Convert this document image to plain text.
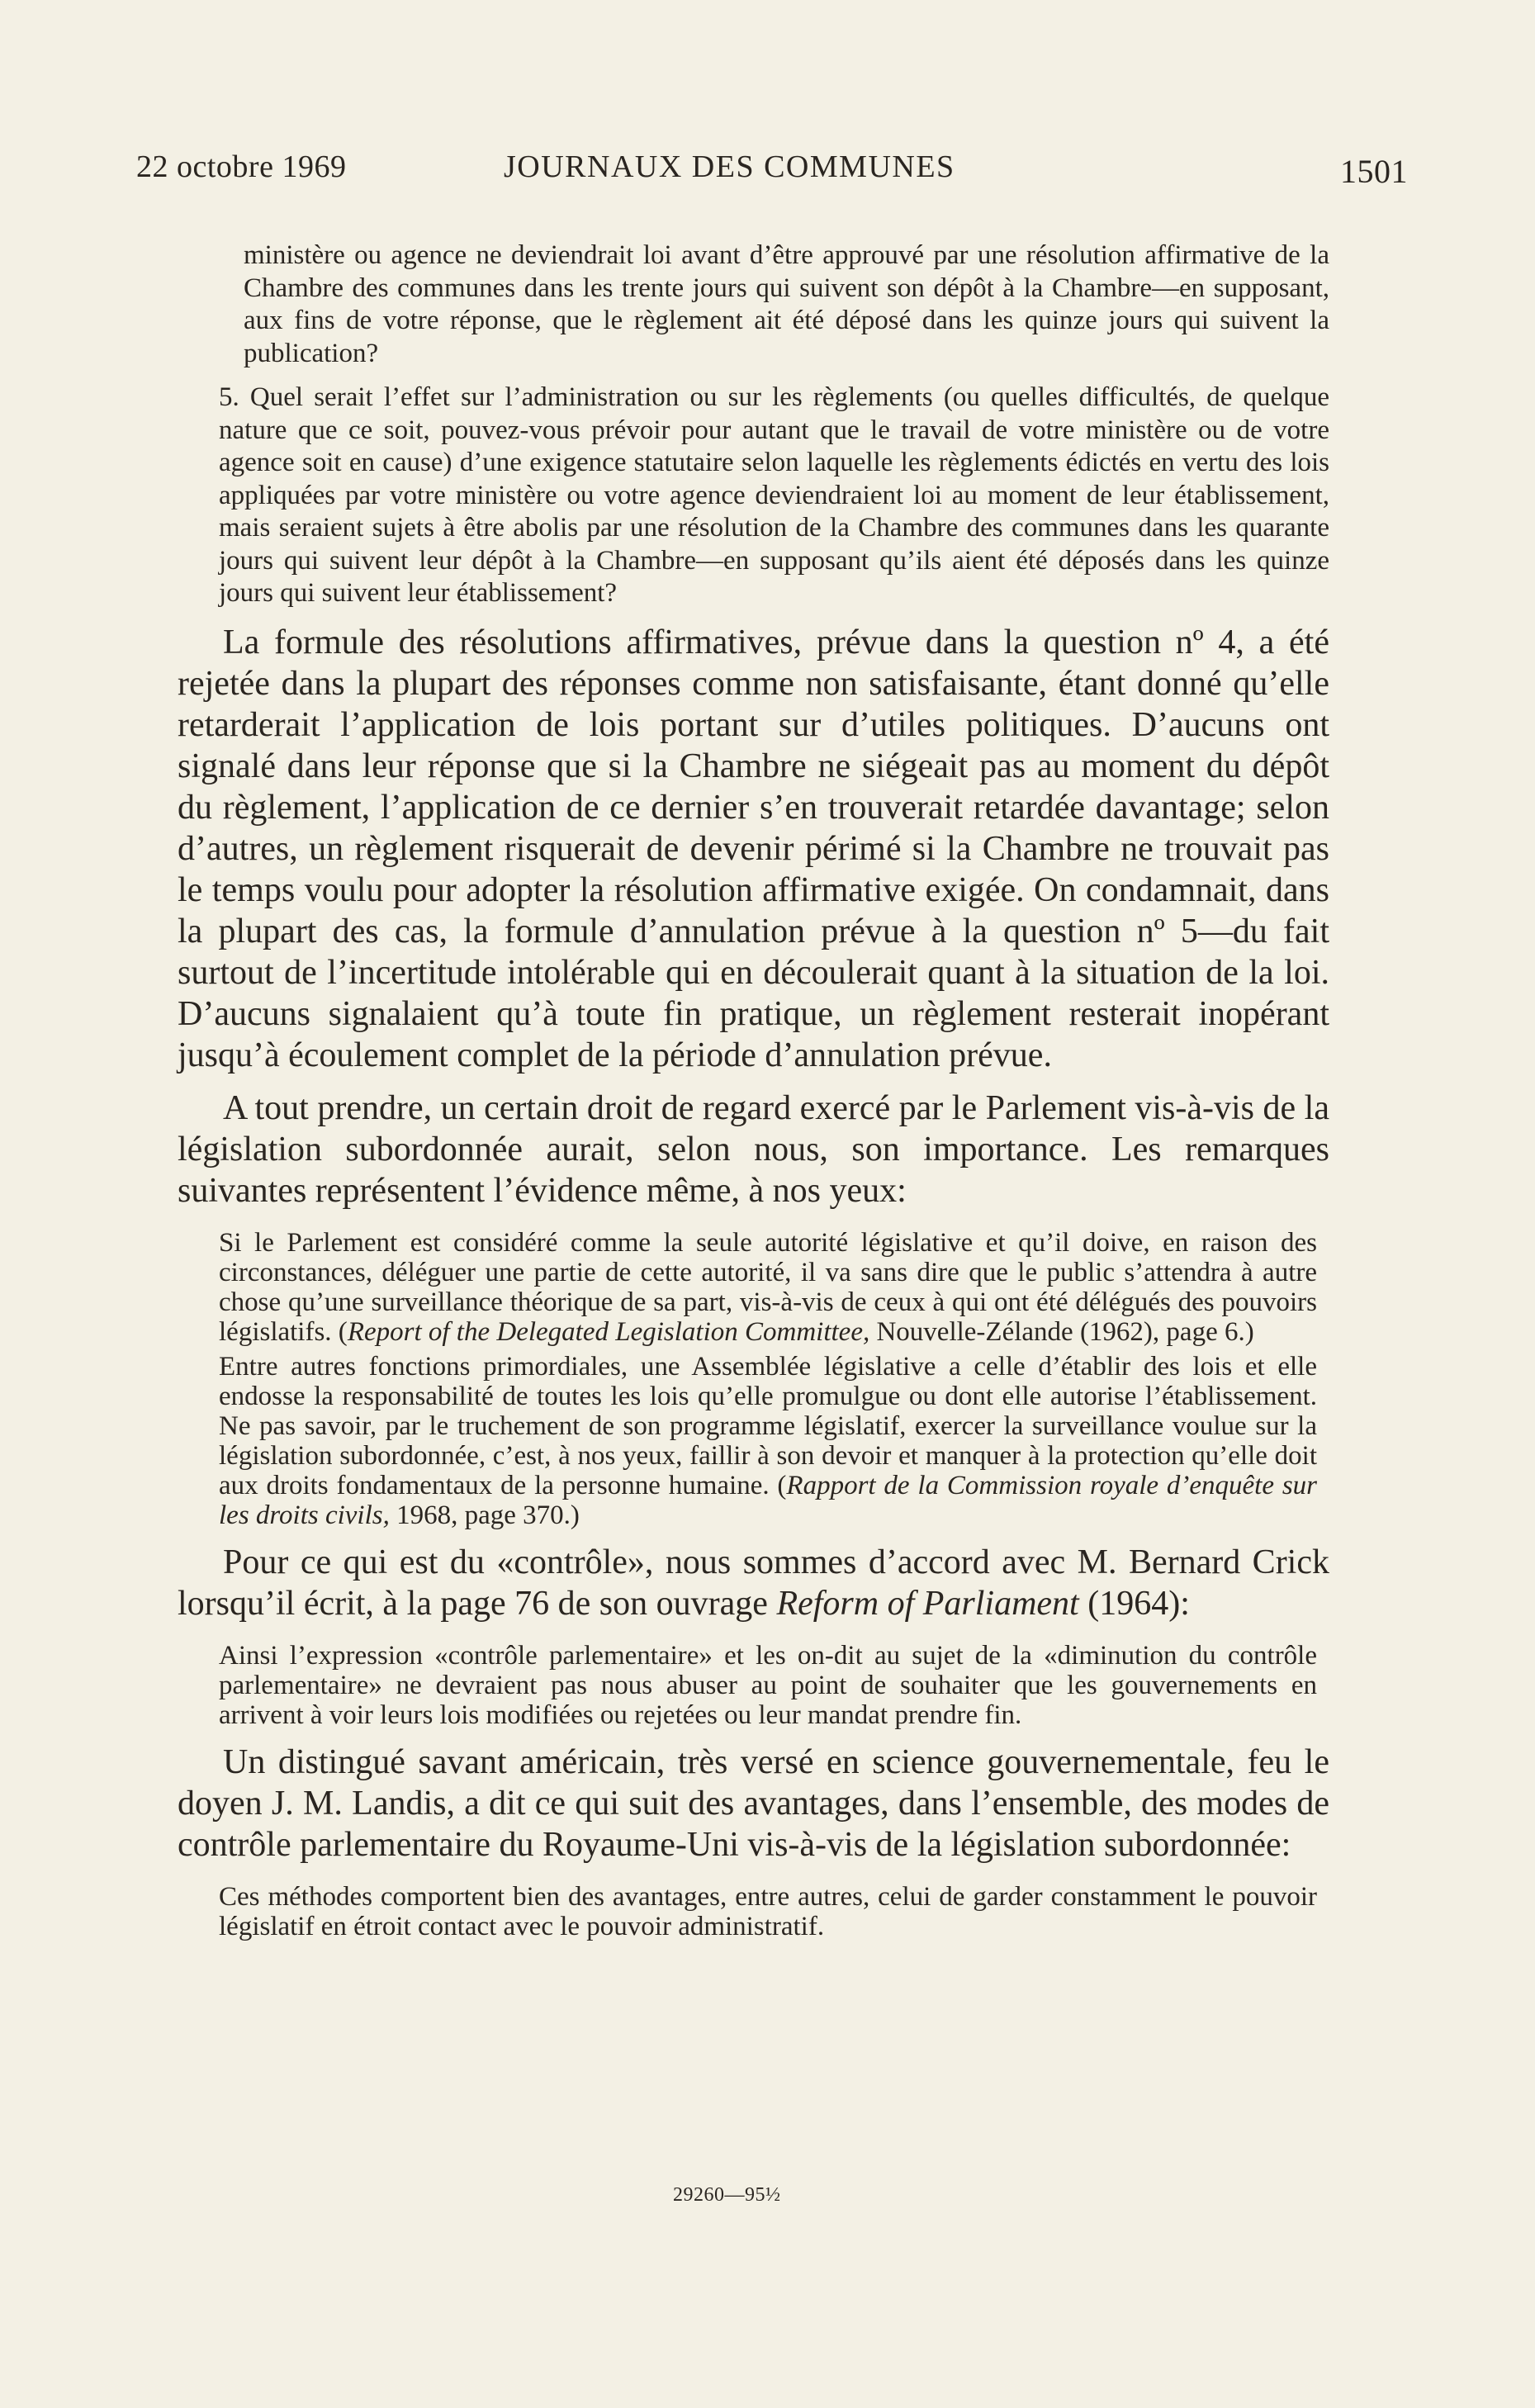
22 octobre 1969	JOURNAUX DES COMMUNES	1501

ministère ou agence ne deviendrait loi avant d’être approuvé par une résolution affirmative de la Chambre des communes dans les trente jours qui suivent son dépôt à la Chambre—en supposant, aux fins de votre réponse, que le règlement ait été déposé dans les quinze jours qui suivent la publication?

5. Quel serait l’effet sur l’administration ou sur les règlements (ou quelles difficultés, de quelque nature que ce soit, pouvez-vous prévoir pour autant que le travail de votre ministère ou de votre agence soit en cause) d’une exigence statutaire selon laquelle les règlements édictés en vertu des lois appliquées par votre ministère ou votre agence deviendraient loi au moment de leur établissement, mais seraient sujets à être abolis par une résolution de la Chambre des communes dans les quarante jours qui suivent leur dépôt à la Chambre—en supposant qu’ils aient été déposés dans les quinze jours qui suivent leur établissement?

La formule des résolutions affirmatives, prévue dans la question nº 4, a été rejetée dans la plupart des réponses comme non satisfaisante, étant donné qu’elle retarderait l’application de lois portant sur d’utiles politiques. D’aucuns ont signalé dans leur réponse que si la Chambre ne siégeait pas au moment du dépôt du règlement, l’application de ce dernier s’en trouverait retardée davantage; selon d’autres, un règlement risquerait de devenir périmé si la Chambre ne trouvait pas le temps voulu pour adopter la résolution affirmative exigée. On condamnait, dans la plupart des cas, la formule d’annulation prévue à la question nº 5—du fait surtout de l’incertitude intolérable qui en découlerait quant à la situation de la loi. D’aucuns signalaient qu’à toute fin pratique, un règlement resterait inopérant jusqu’à écoulement complet de la période d’annulation prévue.

A tout prendre, un certain droit de regard exercé par le Parlement vis-à-vis de la législation subordonnée aurait, selon nous, son importance. Les remarques suivantes représentent l’évidence même, à nos yeux:

Si le Parlement est considéré comme la seule autorité législative et qu’il doive, en raison des circonstances, déléguer une partie de cette autorité, il va sans dire que le public s’attendra à autre chose qu’une surveillance théorique de sa part, vis-à-vis de ceux à qui ont été délégués des pouvoirs législatifs. (Report of the Delegated Legislation Committee, Nouvelle-Zélande (1962), page 6.)

Entre autres fonctions primordiales, une Assemblée législative a celle d’établir des lois et elle endosse la responsabilité de toutes les lois qu’elle promulgue ou dont elle autorise l’établissement. Ne pas savoir, par le truchement de son programme législatif, exercer la surveillance voulue sur la législation subordonnée, c’est, à nos yeux, faillir à son devoir et manquer à la protection qu’elle doit aux droits fondamentaux de la personne humaine. (Rapport de la Commission royale d’enquête sur les droits civils, 1968, page 370.)

Pour ce qui est du «contrôle», nous sommes d’accord avec M. Bernard Crick lorsqu’il écrit, à la page 76 de son ouvrage Reform of Parliament (1964):

Ainsi l’expression «contrôle parlementaire» et les on-dit au sujet de la «diminution du contrôle parlementaire» ne devraient pas nous abuser au point de souhaiter que les gouvernements en arrivent à voir leurs lois modifiées ou rejetées ou leur mandat prendre fin.

Un distingué savant américain, très versé en science gouvernementale, feu le doyen J. M. Landis, a dit ce qui suit des avantages, dans l’ensemble, des modes de contrôle parlementaire du Royaume-Uni vis-à-vis de la législation subordonnée:

Ces méthodes comportent bien des avantages, entre autres, celui de garder constamment le pouvoir législatif en étroit contact avec le pouvoir administratif.

29260—95½
